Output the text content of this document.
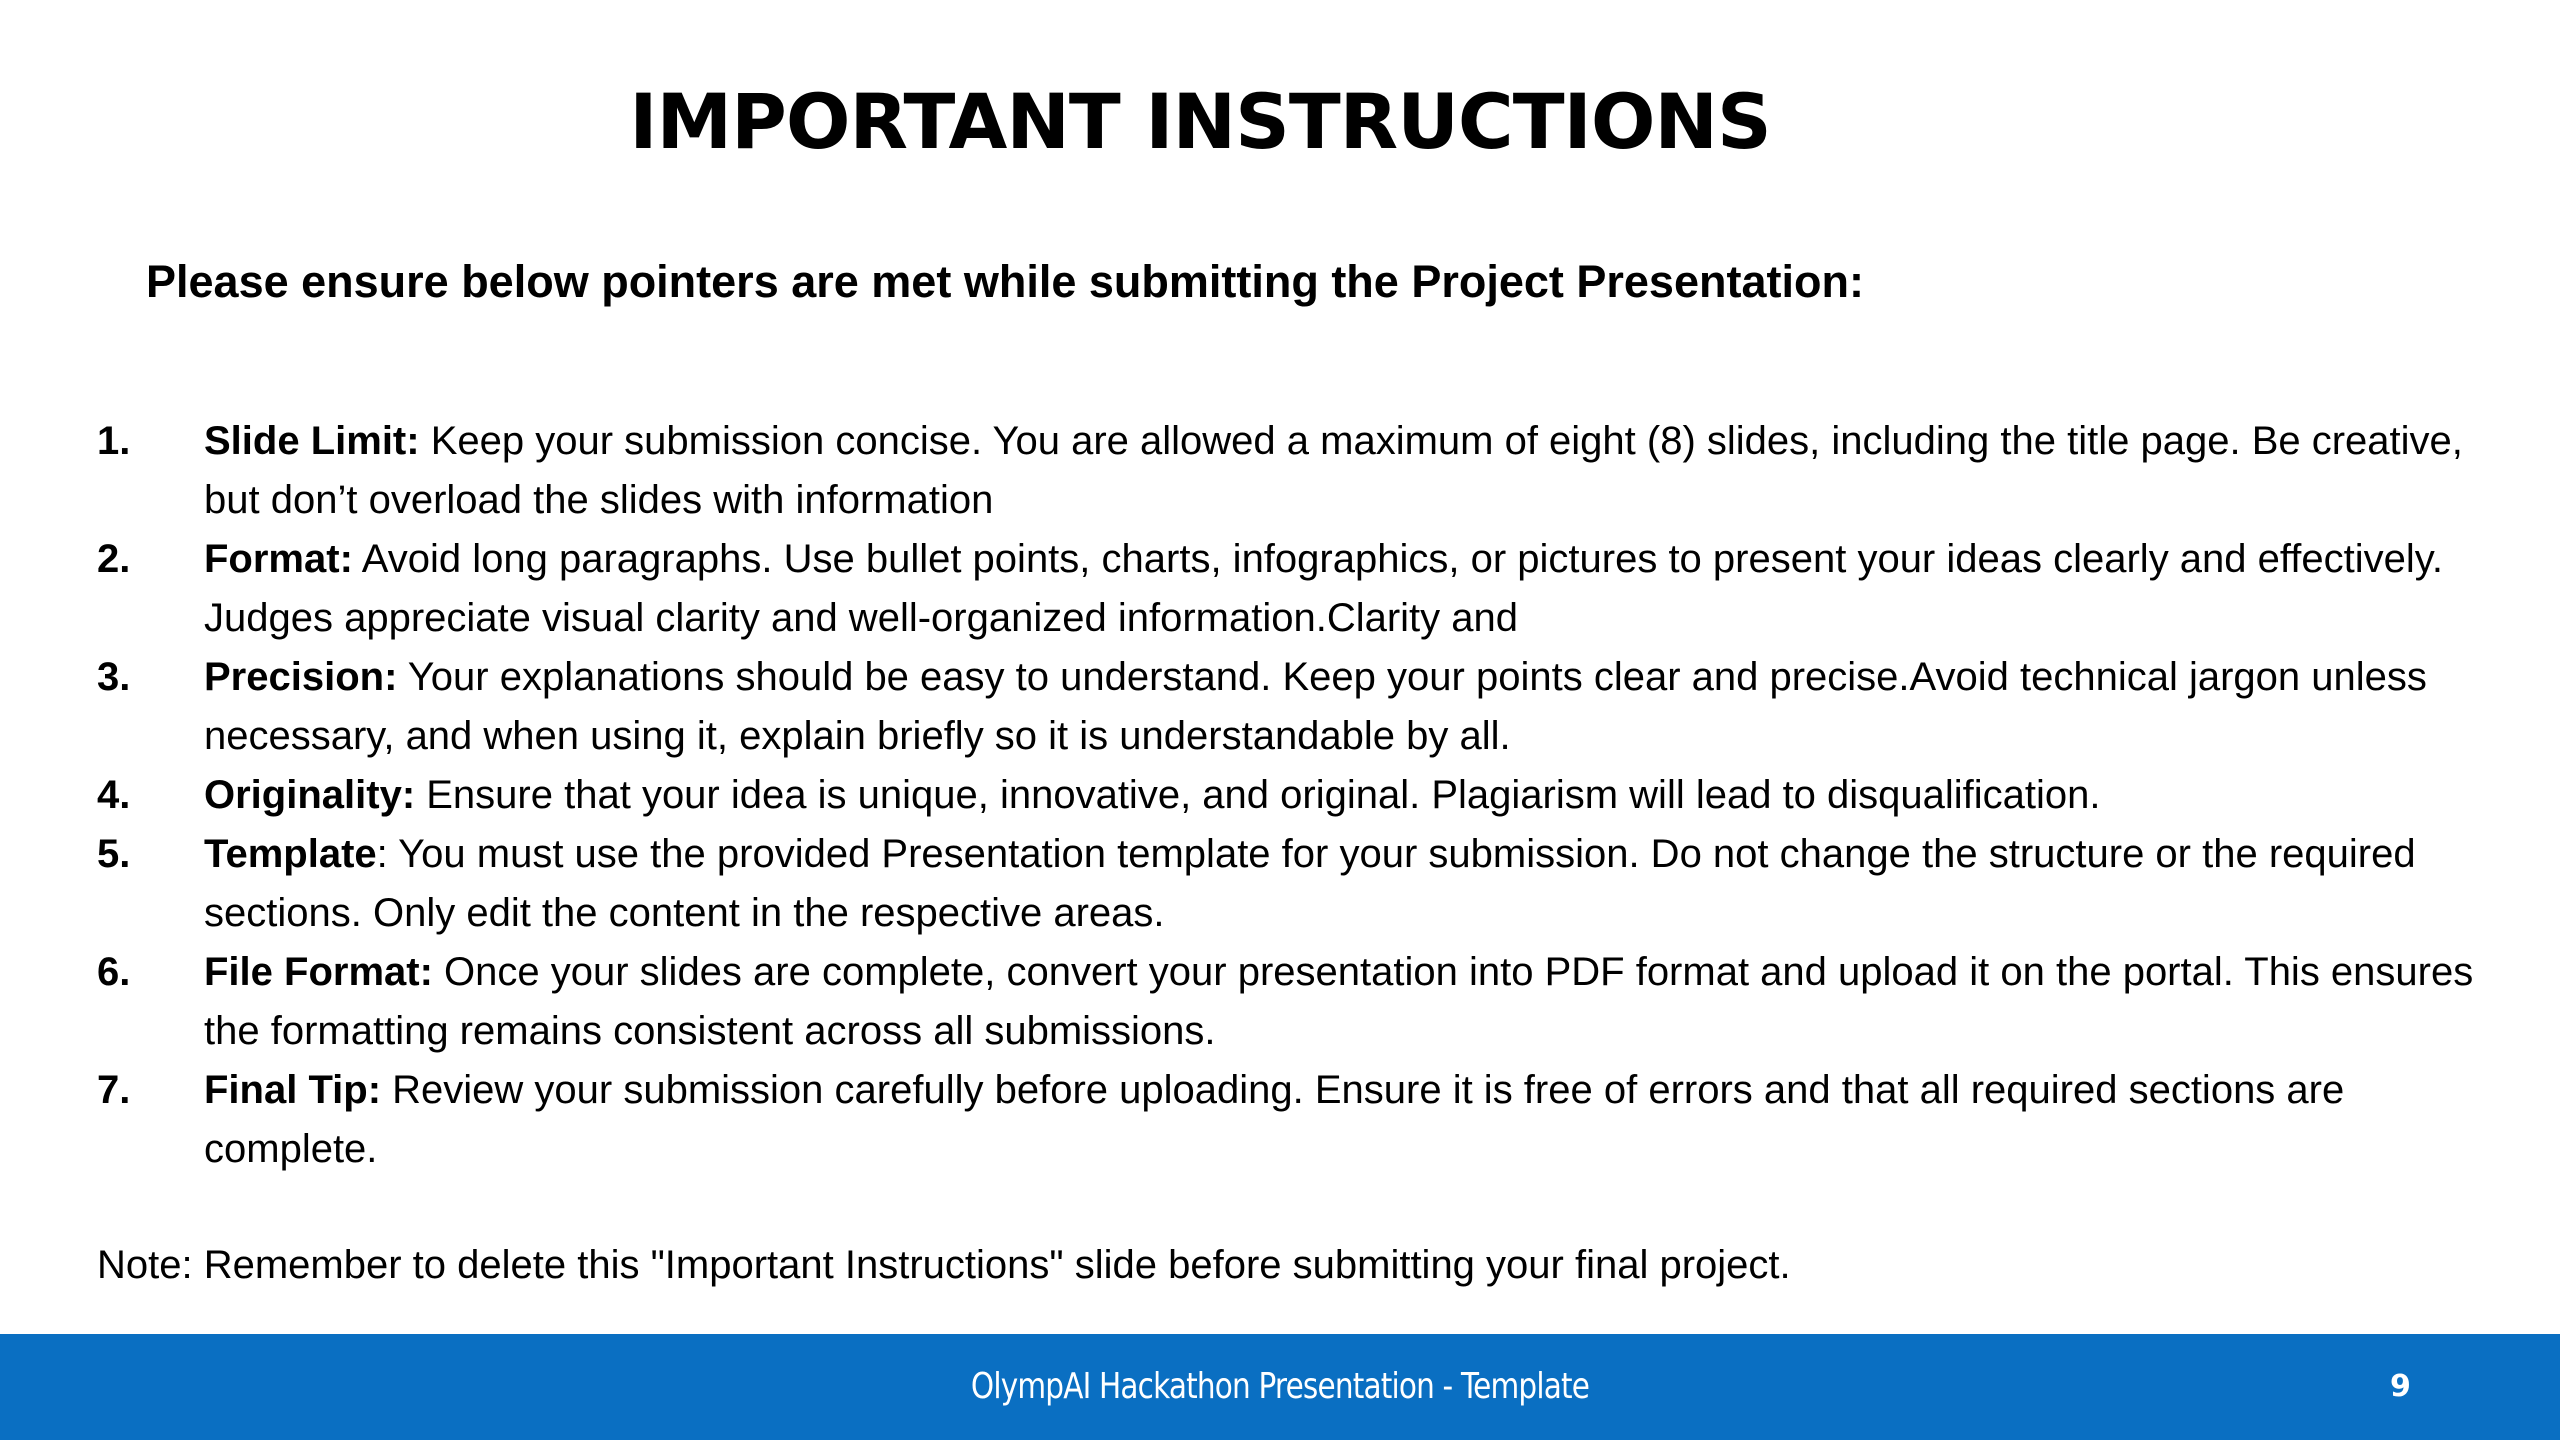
IMPORTANT INSTRUCTIONS
Please ensure below pointers are met while submitting the Project Presentation:
1. Slide Limit: Keep your submission concise. You are allowed a maximum of eight (8) slides, including the title page. Be creative, but don’t overload the slides with information
2. Format: Avoid long paragraphs. Use bullet points, charts, infographics, or pictures to present your ideas clearly and effectively. Judges appreciate visual clarity and well-organized information.Clarity and
3. Precision: Your explanations should be easy to understand. Keep your points clear and precise.Avoid technical jargon unless necessary, and when using it, explain briefly so it is understandable by all.
4. Originality: Ensure that your idea is unique, innovative, and original. Plagiarism will lead to disqualification.
5. Template: You must use the provided Presentation template for your submission. Do not change the structure or the required sections. Only edit the content in the respective areas.
6. File Format: Once your slides are complete, convert your presentation into PDF format and upload it on the portal. This ensures the formatting remains consistent across all submissions.
7. Final Tip: Review your submission carefully before uploading. Ensure it is free of errors and that all required sections are complete.
Note: Remember to delete this "Important Instructions" slide before submitting your final project.
OlympAI Hackathon Presentation - Template	9
